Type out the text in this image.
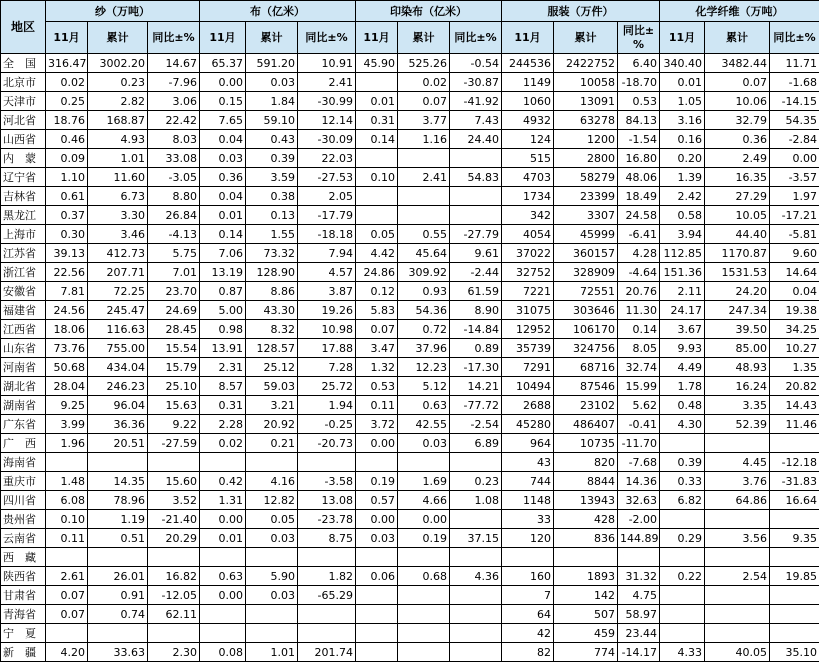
地区	纱（万吨）			布（亿米）			印染布（亿米）			服装（万件）			化学纤维（万吨）		
	11月	累计	同比±%	11月	累计	同比±%	11月	累计	同比±%	11月	累计	同比±%	11月	累计	同比±%
全　国	316.47	3002.20	14.67	65.37	591.20	10.91	45.90	525.26	-0.54	244536	2422752	6.40	340.40	3482.44	11.71
北京市	0.02	0.23	-7.96	0.00	0.03	2.41		0.02	-30.87	1149	10058	-18.70	0.01	0.07	-1.68
天津市	0.25	2.82	3.06	0.15	1.84	-30.99	0.01	0.07	-41.92	1060	13091	0.53	1.05	10.06	-14.15
河北省	18.76	168.87	22.42	7.65	59.10	12.14	0.31	3.77	7.43	4932	63278	84.13	3.16	32.79	54.35
山西省	0.46	4.93	8.03	0.04	0.43	-30.09	0.14	1.16	24.40	124	1200	-1.54	0.16	0.36	-2.84
内　蒙	0.09	1.01	33.08	0.03	0.39	22.03				515	2800	16.80	0.20	2.49	0.00
辽宁省	1.10	11.60	-3.05	0.36	3.59	-27.53	0.10	2.41	54.83	4703	58279	48.06	1.39	16.35	-3.57
吉林省	0.61	6.73	8.80	0.04	0.38	2.05				1734	23399	18.49	2.42	27.29	1.97
黑龙江	0.37	3.30	26.84	0.01	0.13	-17.79				342	3307	24.58	0.58	10.05	-17.21
上海市	0.30	3.46	-4.13	0.14	1.55	-18.18	0.05	0.55	-27.79	4054	45999	-6.41	3.94	44.40	-5.81
江苏省	39.13	412.73	5.75	7.06	73.32	7.94	4.42	45.64	9.61	37022	360157	4.28	112.85	1170.87	9.60
浙江省	22.56	207.71	7.01	13.19	128.90	4.57	24.86	309.92	-2.44	32752	328909	-4.64	151.36	1531.53	14.64
安徽省	7.81	72.25	23.70	0.87	8.86	3.87	0.12	0.93	61.59	7221	72551	20.76	2.11	24.20	0.04
福建省	24.56	245.47	24.69	5.00	43.30	19.26	5.83	54.36	8.90	31075	303646	11.30	24.17	247.34	19.38
江西省	18.06	116.63	28.45	0.98	8.32	10.98	0.07	0.72	-14.84	12952	106170	0.14	3.67	39.50	34.25
山东省	73.76	755.00	15.54	13.91	128.57	17.88	3.47	37.96	0.89	35739	324756	8.05	9.93	85.00	10.27
河南省	50.68	434.04	15.79	2.31	25.12	7.28	1.32	12.23	-17.30	7291	68716	32.74	4.49	48.93	1.35
湖北省	28.04	246.23	25.10	8.57	59.03	25.72	0.53	5.12	14.21	10494	87546	15.99	1.78	16.24	20.82
湖南省	9.25	96.04	15.63	0.31	3.21	1.94	0.11	0.63	-77.72	2688	23102	5.62	0.48	3.35	14.43
广东省	3.99	36.36	9.22	2.28	20.92	-0.25	3.72	42.55	-2.54	45280	486407	-0.41	4.30	52.39	11.46
广　西	1.96	20.51	-27.59	0.02	0.21	-20.73	0.00	0.03	6.89	964	10735	-11.70			
海南省										43	820	-7.68	0.39	4.45	-12.18
重庆市	1.48	14.35	15.60	0.42	4.16	-3.58	0.19	1.69	0.23	744	8844	14.36	0.33	3.76	-31.83
四川省	6.08	78.96	3.52	1.31	12.82	13.08	0.57	4.66	1.08	1148	13943	32.63	6.82	64.86	16.64
贵州省	0.10	1.19	-21.40	0.00	0.05	-23.78	0.00	0.00		33	428	-2.00			
云南省	0.11	0.51	20.29	0.01	0.03	8.75	0.03	0.19	37.15	120	836	144.89	0.29	3.56	9.35
西　藏															
陕西省	2.61	26.01	16.82	0.63	5.90	1.82	0.06	0.68	4.36	160	1893	31.32	0.22	2.54	19.85
甘肃省	0.07	0.91	-12.05	0.00	0.03	-65.29				7	142	4.75			
青海省	0.07	0.74	62.11							64	507	58.97			
宁　夏										42	459	23.44			
新　疆	4.20	33.63	2.30	0.08	1.01	201.74				82	774	-14.17	4.33	40.05	35.10
